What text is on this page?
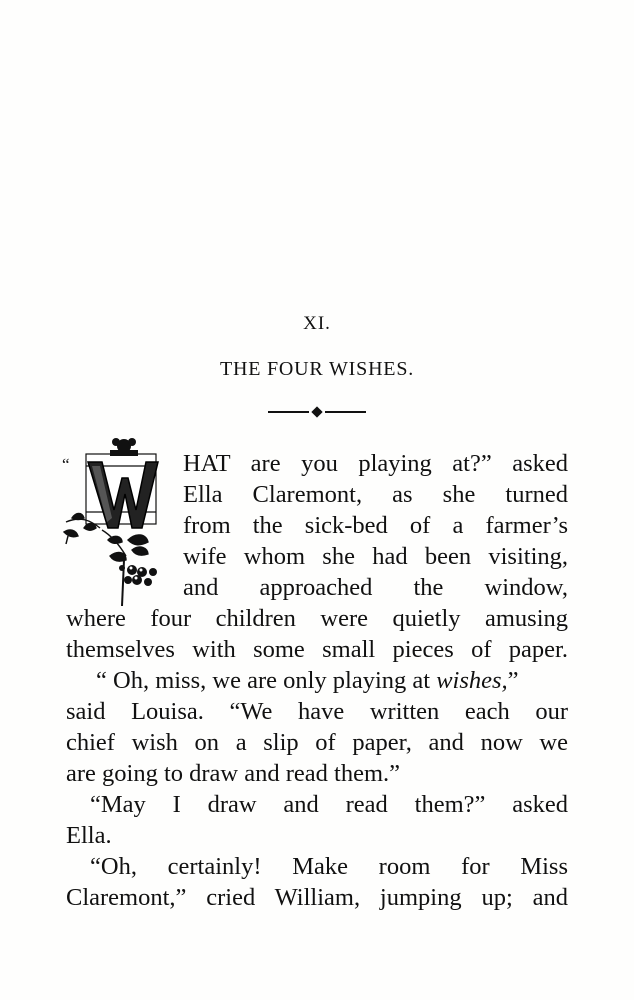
XI.
THE FOUR WISHES.
“	HAT are you playing at?” asked
Ella Claremont, as she turned
from the sick-bed of a farmer’s
wife whom she had been visiting,
and approached the window,
where four children were quietly amusing
themselves with some small pieces of paper.
“ Oh, miss, we are only playing at wishes,”
said Louisa. “We have written each our
chief wish on a slip of paper, and now we
are going to draw and read them.”
“May I draw and read them?” asked
Ella.
“Oh, certainly! Make room for Miss
Claremont,” cried William, jumping up; and
